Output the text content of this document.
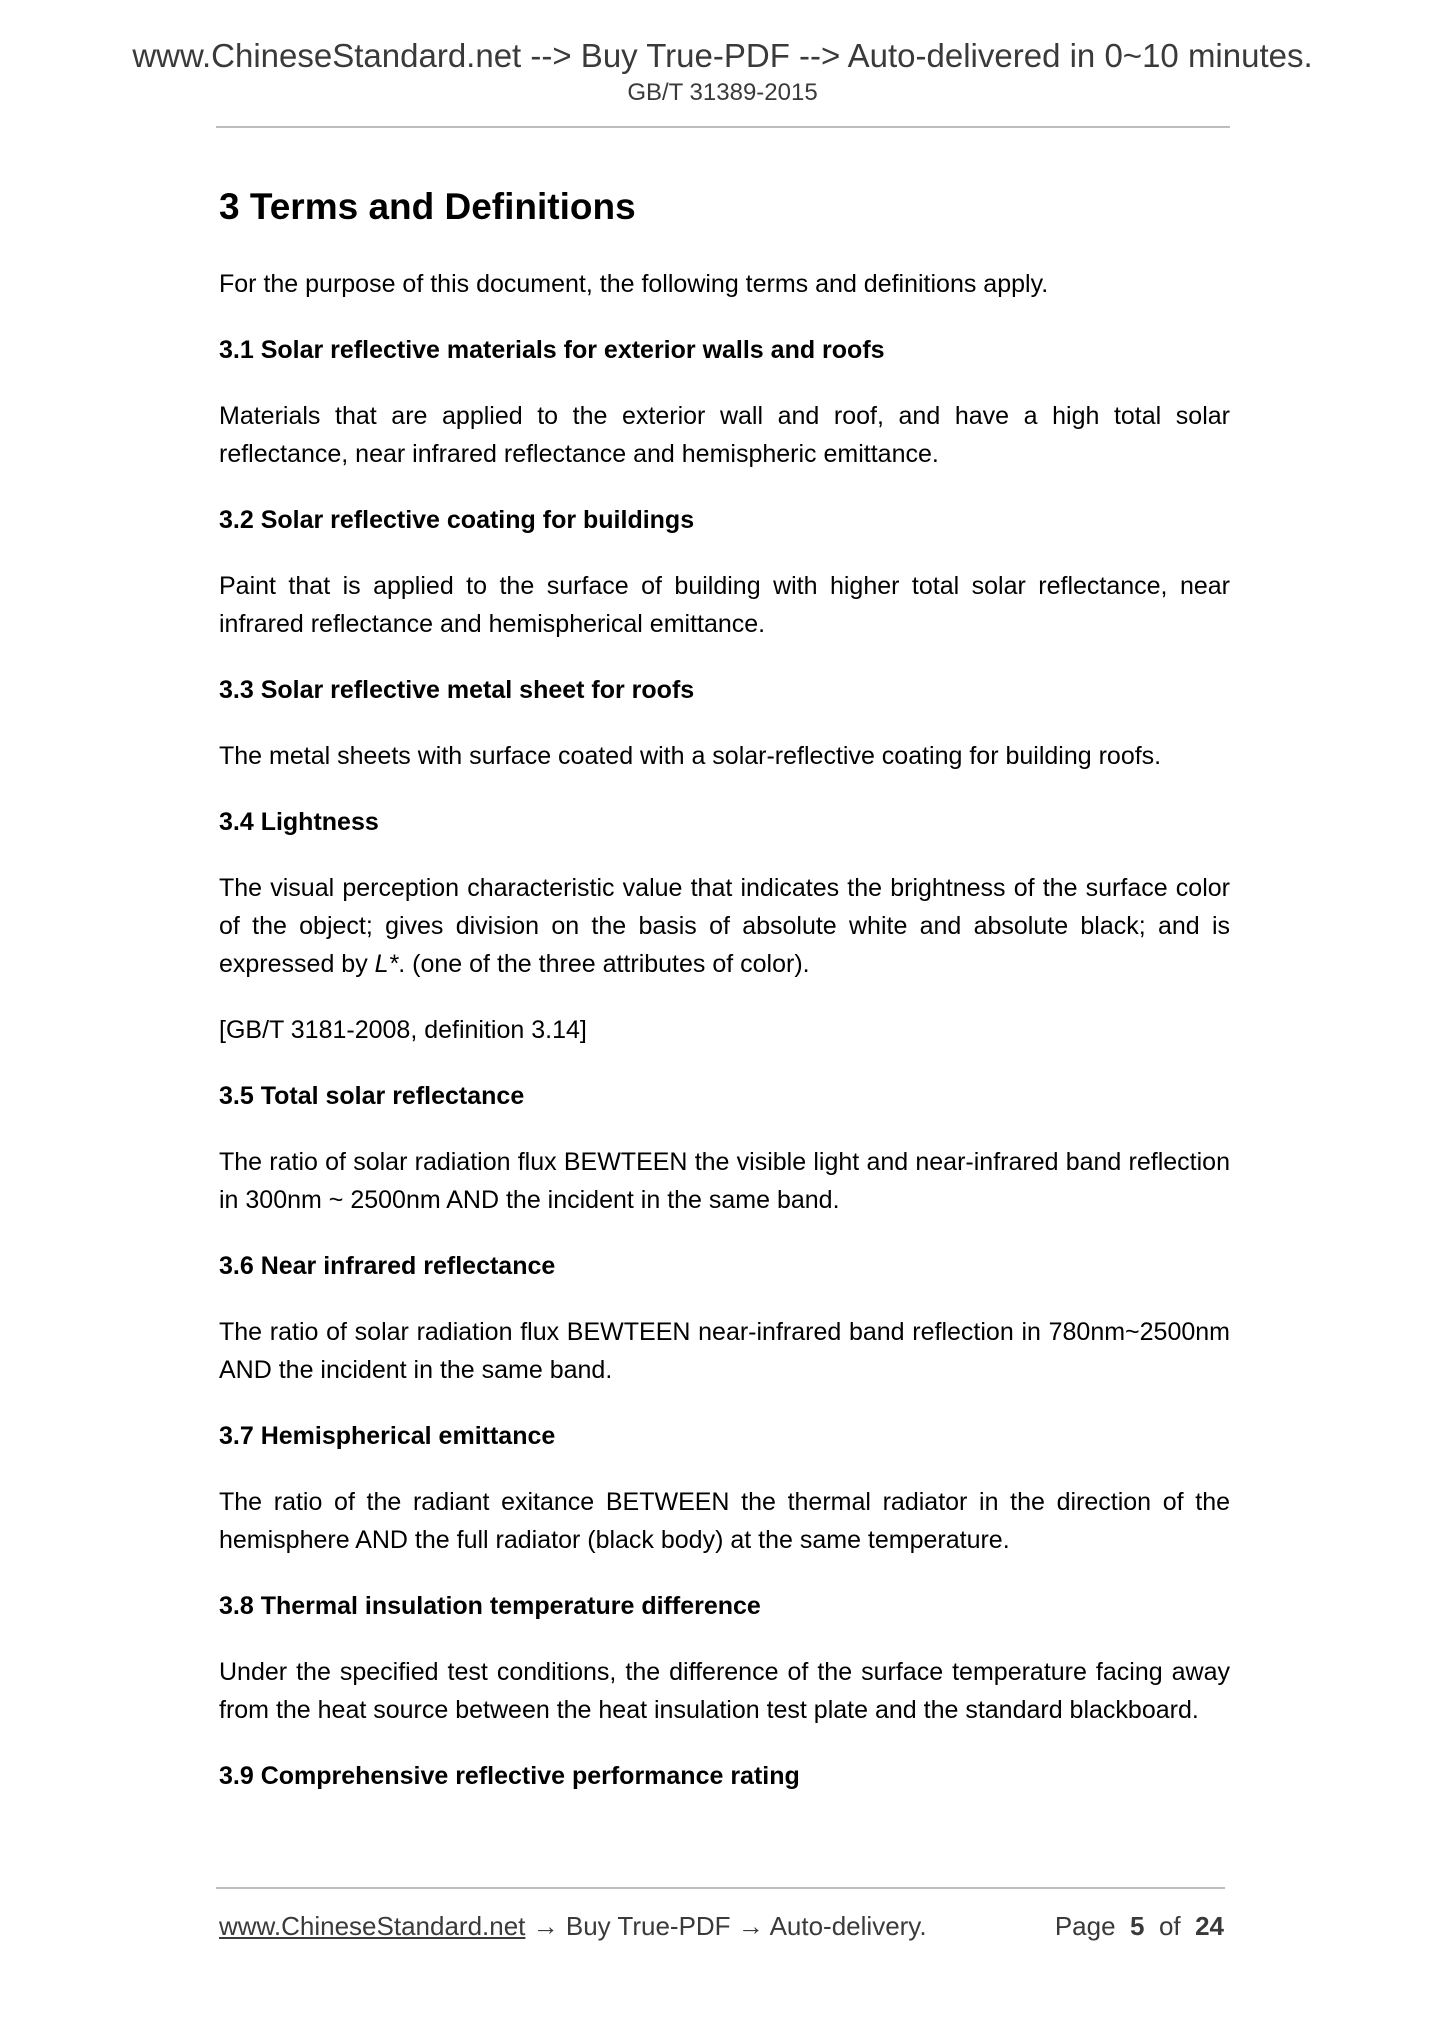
www.ChineseStandard.net --> Buy True-PDF --> Auto-delivered in 0~10 minutes.
GB/T 31389-2015
3 Terms and Definitions

For the purpose of this document, the following terms and definitions apply.

3.1 Solar reflective materials for exterior walls and roofs

Materials that are applied to the exterior wall and roof, and have a high total solar reflectance, near infrared reflectance and hemispheric emittance.

3.2 Solar reflective coating for buildings

Paint that is applied to the surface of building with higher total solar reflectance, near infrared reflectance and hemispherical emittance.

3.3 Solar reflective metal sheet for roofs

The metal sheets with surface coated with a solar-reflective coating for building roofs.

3.4 Lightness

The visual perception characteristic value that indicates the brightness of the surface color of the object; gives division on the basis of absolute white and absolute black; and is expressed by L*. (one of the three attributes of color).

[GB/T 3181-2008, definition 3.14]

3.5 Total solar reflectance

The ratio of solar radiation flux BEWTEEN the visible light and near-infrared band reflection in 300nm ~ 2500nm AND the incident in the same band.

3.6 Near infrared reflectance

The ratio of solar radiation flux BEWTEEN near-infrared band reflection in 780nm~2500nm AND the incident in the same band.

3.7 Hemispherical emittance

The ratio of the radiant exitance BETWEEN the thermal radiator in the direction of the hemisphere AND the full radiator (black body) at the same temperature.

3.8 Thermal insulation temperature difference

Under the specified test conditions, the difference of the surface temperature facing away from the heat source between the heat insulation test plate and the standard blackboard.

3.9 Comprehensive reflective performance rating

www.ChineseStandard.net → Buy True-PDF → Auto-delivery.	Page 5 of 24
